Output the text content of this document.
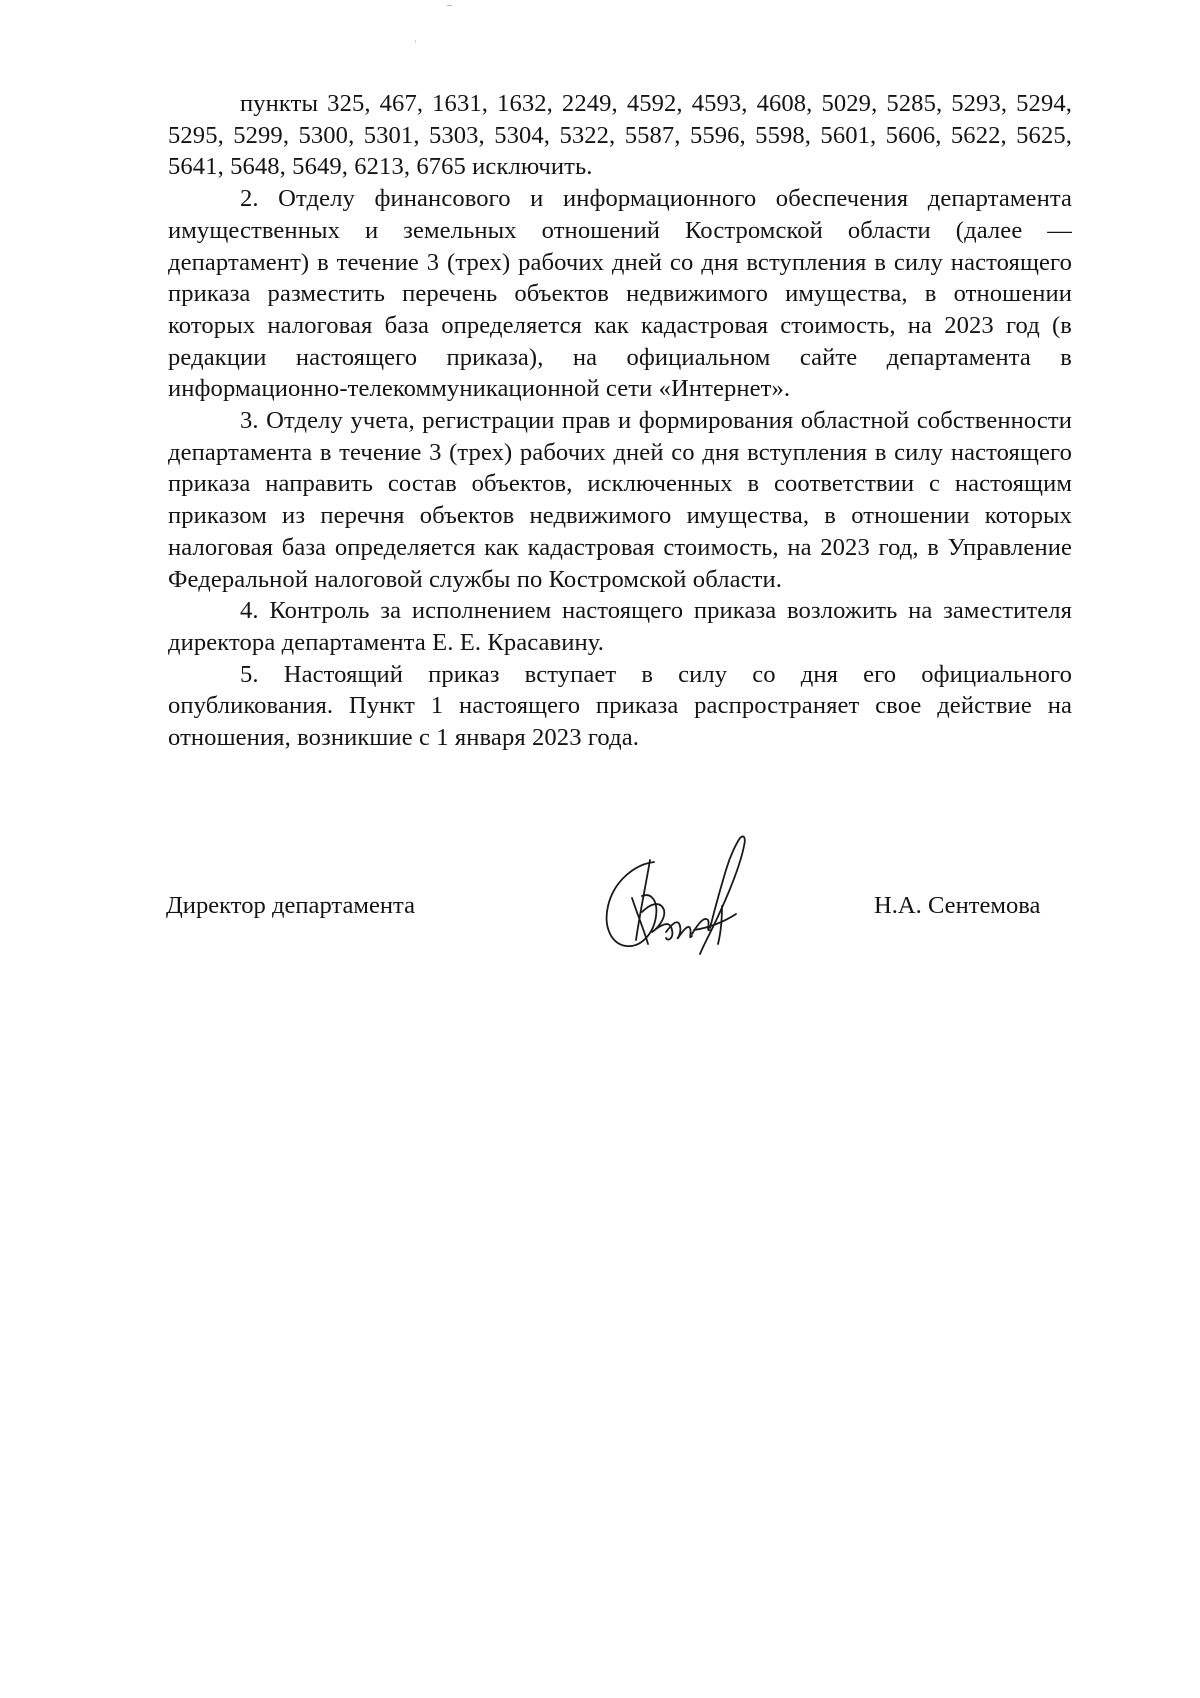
пункты 325, 467, 1631, 1632, 2249, 4592, 4593, 4608, 5029, 5285, 5293, 5294, 5295, 5299, 5300, 5301, 5303, 5304, 5322, 5587, 5596, 5598, 5601, 5606, 5622, 5625, 5641, 5648, 5649, 6213, 6765 исключить.

2. Отделу финансового и информационного обеспечения департамента имущественных и земельных отношений Костромской области (далее — департамент) в течение 3 (трех) рабочих дней со дня вступления в силу настоящего приказа разместить перечень объектов недвижимого имущества, в отношении которых налоговая база определяется как кадастровая стоимость, на 2023 год (в редакции настоящего приказа), на официальном сайте департамента в информационно-телекоммуникационной сети «Интернет».

3. Отделу учета, регистрации прав и формирования областной собственности департамента в течение 3 (трех) рабочих дней со дня вступления в силу настоящего приказа направить состав объектов, исключенных в соответствии с настоящим приказом из перечня объектов недвижимого имущества, в отношении которых налоговая база определяется как кадастровая стоимость, на 2023 год, в Управление Федеральной налоговой службы по Костромской области.

4. Контроль за исполнением настоящего приказа возложить на заместителя директора департамента Е. Е. Красавину.

5. Настоящий приказ вступает в силу со дня его официального опубликования. Пункт 1 настоящего приказа распространяет свое действие на отношения, возникшие с 1 января 2023 года.

Директор департамента	Н.А. Сентемова
